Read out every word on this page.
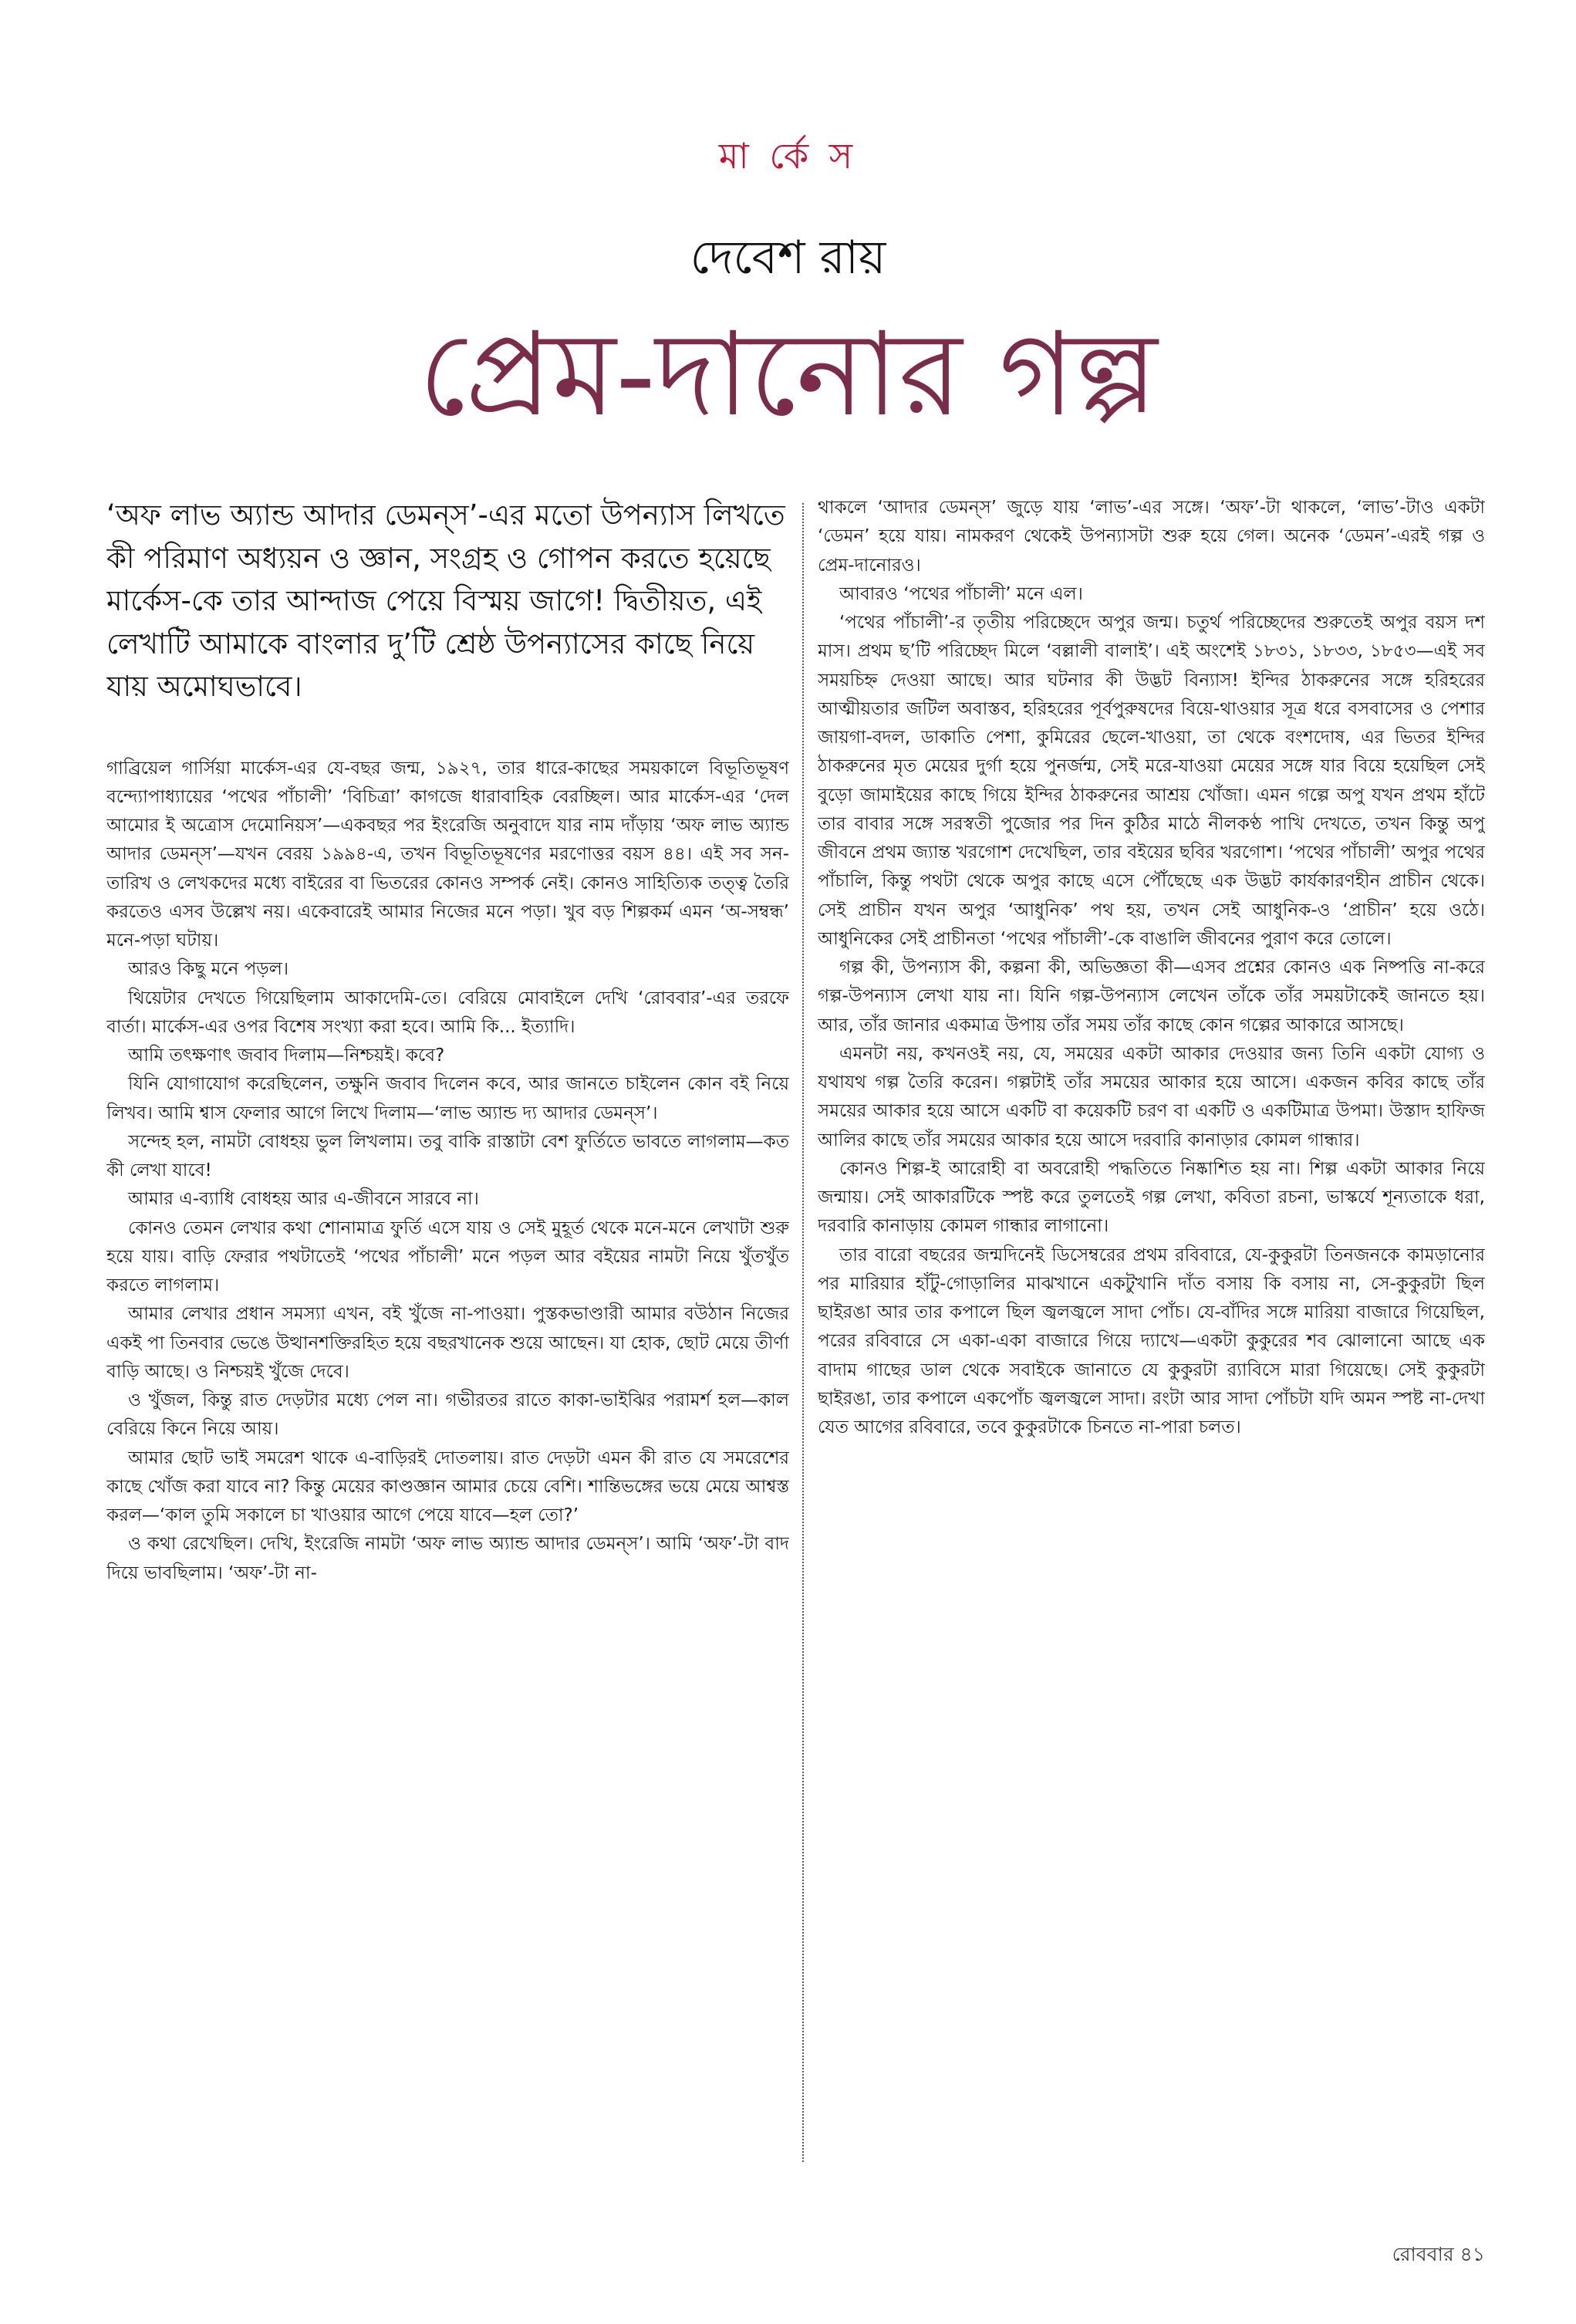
মা র্কে স
দেবেশ রায়
প্রেম-দানোর গল্প
‘অফ লাভ অ্যান্ড আদার ডেমন্‌স’-এর মতো উপন্যাস লিখতে কী পরিমাণ অধ্যয়ন ও জ্ঞান, সংগ্রহ ও গোপন করতে হয়েছে মার্কেস-কে তার আন্দাজ পেয়ে বিস্ময় জাগে! দ্বিতীয়ত, এই লেখাটি আমাকে বাংলার দু’টি শ্রেষ্ঠ উপন্যাসের কাছে নিয়ে যায় অমোঘভাবে।

গাব্রিয়েল গার্সিয়া মার্কেস-এর যে-বছর জন্ম, ১৯২৭, তার ধারে-কাছের সময়কালে বিভূতিভূষণ বন্দ্যোপাধ্যায়ের ‘পথের পাঁচালী’ ‘বিচিত্রা’ কাগজে ধারাবাহিক বেরচ্ছিল। আর মার্কেস-এর ‘দেল আমোর ই অত্রোস দেমোনিয়স’—একবছর পর ইংরেজি অনুবাদে যার নাম দাঁড়ায় ‘অফ লাভ অ্যান্ড আদার ডেমন্‌স’—যখন বেরয় ১৯৯৪-এ, তখন বিভূতিভূষণের মরণোত্তর বয়স ৪৪। এই সব সন-তারিখ ও লেখকদের মধ্যে বাইরের বা ভিতরের কোনও সম্পর্ক নেই। কোনও সাহিত্যিক তত্ত্ব তৈরি করতেও এসব উল্লেখ নয়। একেবারেই আমার নিজের মনে পড়া। খুব বড় শিল্পকর্ম এমন ‘অ-সম্বন্ধ’ মনে-পড়া ঘটায়।

আরও কিছু মনে পড়ল।

থিয়েটার দেখতে গিয়েছিলাম আকাদেমি-তে। বেরিয়ে মোবাইলে দেখি ‘রোববার’-এর তরফে বার্তা। মার্কেস-এর ওপর বিশেষ সংখ্যা করা হবে। আমি কি... ইত্যাদি।

আমি তৎক্ষণাৎ জবাব দিলাম—নিশ্চয়ই। কবে?

যিনি যোগাযোগ করেছিলেন, তক্ষুনি জবাব দিলেন কবে, আর জানতে চাইলেন কোন বই নিয়ে লিখব। আমি শ্বাস ফেলার আগে লিখে দিলাম—‘লাভ অ্যান্ড দ্য আদার ডেমন্‌স’।

সন্দেহ হল, নামটা বোধহয় ভুল লিখলাম। তবু বাকি রাস্তাটা বেশ ফুর্তিতে ভাবতে লাগলাম—কত কী লেখা যাবে!

আমার এ-ব্যাধি বোধহয় আর এ-জীবনে সারবে না।

কোনও তেমন লেখার কথা শোনামাত্র ফুর্তি এসে যায় ও সেই মুহূর্ত থেকে মনে-মনে লেখাটা শুরু হয়ে যায়। বাড়ি ফেরার পথটাতেই ‘পথের পাঁচালী’ মনে পড়ল আর বইয়ের নামটা নিয়ে খুঁতখুঁত করতে লাগলাম।

আমার লেখার প্রধান সমস্যা এখন, বই খুঁজে না-পাওয়া। পুস্তকভাণ্ডারী আমার বউঠান নিজের একই পা তিনবার ভেঙে উত্থানশক্তিরহিত হয়ে বছরখানেক শুয়ে আছেন। যা হোক, ছোট মেয়ে তীর্ণা বাড়ি আছে। ও নিশ্চয়ই খুঁজে দেবে।

ও খুঁজল, কিন্তু রাত দেড়টার মধ্যে পেল না। গভীরতর রাতে কাকা-ভাইঝির পরামর্শ হল—কাল বেরিয়ে কিনে নিয়ে আয়।

আমার ছোট ভাই সমরেশ থাকে এ-বাড়িরই দোতলায়। রাত দেড়টা এমন কী রাত যে সমরেশের কাছে খোঁজ করা যাবে না? কিন্তু মেয়ের কাণ্ডজ্ঞান আমার চেয়ে বেশি। শান্তিভঙ্গের ভয়ে মেয়ে আশ্বস্ত করল—‘কাল তুমি সকালে চা খাওয়ার আগে পেয়ে যাবে—হল তো?’

ও কথা রেখেছিল। দেখি, ইংরেজি নামটা ‘অফ লাভ অ্যান্ড আদার ডেমন্‌স’। আমি ‘অফ’-টা বাদ দিয়ে ভাবছিলাম। ‘অফ’-টা না-

থাকলে ‘আদার ডেমন্‌স’ জুড়ে যায় ‘লাভ’-এর সঙ্গে। ‘অফ’-টা থাকলে, ‘লাভ’-টাও একটা ‘ডেমন’ হয়ে যায়। নামকরণ থেকেই উপন্যাসটা শুরু হয়ে গেল। অনেক ‘ডেমন’-এরই গল্প ও প্রেম-দানোরও।

আবারও ‘পথের পাঁচালী’ মনে এল।

‘পথের পাঁচালী’-র তৃতীয় পরিচ্ছেদে অপুর জন্ম। চতুর্থ পরিচ্ছেদের শুরুতেই অপুর বয়স দশ মাস। প্রথম ছ’টি পরিচ্ছেদ মিলে ‘বল্লালী বালাই’। এই অংশেই ১৮৩১, ১৮৩৩, ১৮৫৩—এই সব সময়চিহ্ন দেওয়া আছে। আর ঘটনার কী উদ্ভট বিন্যাস! ইন্দির ঠাকরুনের সঙ্গে হরিহরের আত্মীয়তার জটিল অবাস্তব, হরিহরের পূর্বপুরুষদের বিয়ে-থাওয়ার সূত্র ধরে বসবাসের ও পেশার জায়গা-বদল, ডাকাতি পেশা, কুমিরের ছেলে-খাওয়া, তা থেকে বংশদোষ, এর ভিতর ইন্দির ঠাকরুনের মৃত মেয়ের দুর্গা হয়ে পুনর্জন্ম, সেই মরে-যাওয়া মেয়ের সঙ্গে যার বিয়ে হয়েছিল সেই বুড়ো জামাইয়ের কাছে গিয়ে ইন্দির ঠাকরুনের আশ্রয় খোঁজা। এমন গল্পে অপু যখন প্রথম হাঁটে তার বাবার সঙ্গে সরস্বতী পুজোর পর দিন কুঠির মাঠে নীলকণ্ঠ পাখি দেখতে, তখন কিন্তু অপু জীবনে প্রথম জ্যান্ত খরগোশ দেখেছিল, তার বইয়ের ছবির খরগোশ। ‘পথের পাঁচালী’ অপুর পথের পাঁচালি, কিন্তু পথটা থেকে অপুর কাছে এসে পৌঁছেছে এক উদ্ভট কার্যকারণহীন প্রাচীন থেকে। সেই প্রাচীন যখন অপুর ‘আধুনিক’ পথ হয়, তখন সেই আধুনিক-ও ‘প্রাচীন’ হয়ে ওঠে। আধুনিকের সেই প্রাচীনতা ‘পথের পাঁচালী’-কে বাঙালি জীবনের পুরাণ করে তোলে।

গল্প কী, উপন্যাস কী, কল্পনা কী, অভিজ্ঞতা কী—এসব প্রশ্নের কোনও এক নিষ্পত্তি না-করে গল্প-উপন্যাস লেখা যায় না। যিনি গল্প-উপন্যাস লেখেন তাঁকে তাঁর সময়টাকেই জানতে হয়। আর, তাঁর জানার একমাত্র উপায় তাঁর সময় তাঁর কাছে কোন গল্পের আকারে আসছে।

এমনটা নয়, কখনওই নয়, যে, সময়ের একটা আকার দেওয়ার জন্য তিনি একটা যোগ্য ও যথাযথ গল্প তৈরি করেন। গল্পটাই তাঁর সময়ের আকার হয়ে আসে। একজন কবির কাছে তাঁর সময়ের আকার হয়ে আসে একটি বা কয়েকটি চরণ বা একটি ও একটিমাত্র উপমা। উস্তাদ হাফিজ আলির কাছে তাঁর সময়ের আকার হয়ে আসে দরবারি কানাড়ার কোমল গান্ধার।

কোনও শিল্প-ই আরোহী বা অবরোহী পদ্ধতিতে নিষ্কাশিত হয় না। শিল্প একটা আকার নিয়ে জন্মায়। সেই আকারটিকে স্পষ্ট করে তুলতেই গল্প লেখা, কবিতা রচনা, ভাস্কর্যে শূন্যতাকে ধরা, দরবারি কানাড়ায় কোমল গান্ধার লাগানো।

তার বারো বছরের জন্মদিনেই ডিসেম্বরের প্রথম রবিবারে, যে-কুকুরটা তিনজনকে কামড়ানোর পর মারিয়ার হাঁটু-গোড়ালির মাঝখানে একটুখানি দাঁত বসায় কি বসায় না, সে-কুকুরটা ছিল ছাইরঙা আর তার কপালে ছিল জ্বলজ্বলে সাদা পোঁচ। যে-বাঁদির সঙ্গে মারিয়া বাজারে গিয়েছিল, পরের রবিবারে সে একা-একা বাজারে গিয়ে দ্যাখে—একটা কুকুরের শব ঝোলানো আছে এক বাদাম গাছের ডাল থেকে সবাইকে জানাতে যে কুকুরটা র‍্যাবিসে মারা গিয়েছে। সেই কুকুরটা ছাইরঙা, তার কপালে একপোঁচ জ্বলজ্বলে সাদা। রংটা আর সাদা পোঁচটা যদি অমন স্পষ্ট না-দেখা যেত আগের রবিবারে, তবে কুকুরটাকে চিনতে না-পারা চলত।

রোববার ৪১
